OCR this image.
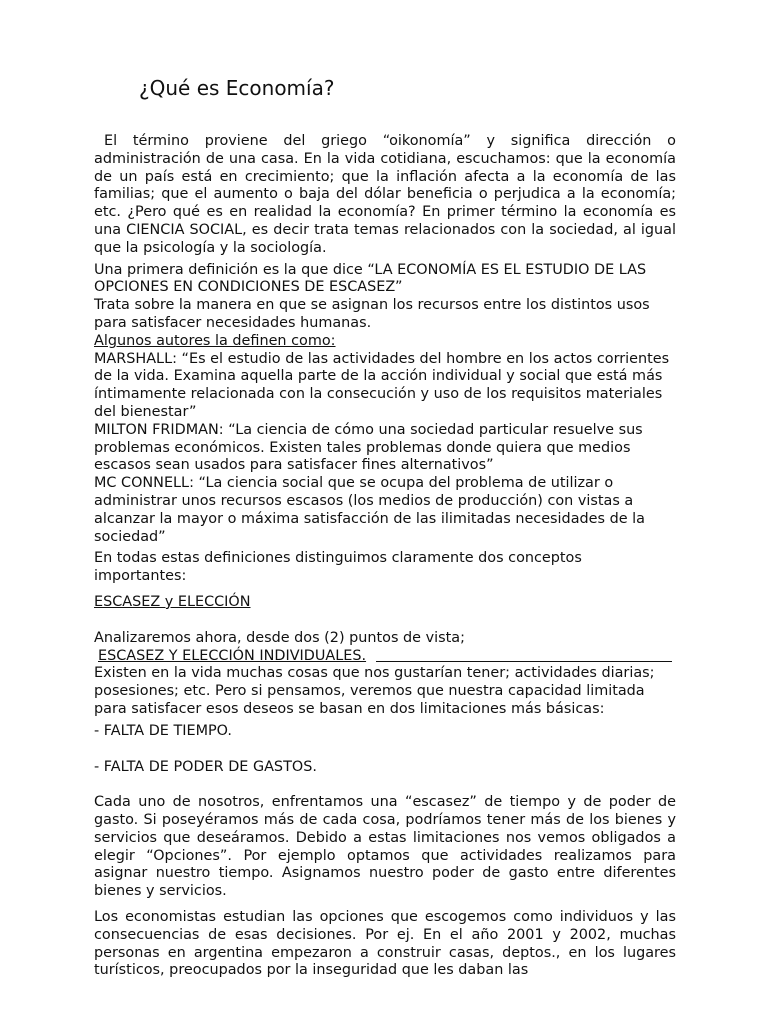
¿Qué es Economía?

El término proviene del griego “oikonomía” y significa dirección o administración de una casa. En la vida cotidiana, escuchamos: que la economía de un país está en crecimiento; que la inflación afecta a la economía de las familias; que el aumento o baja del dólar beneficia o perjudica a la economía; etc. ¿Pero qué es en realidad la economía? En primer término la economía es una CIENCIA SOCIAL, es decir trata temas relacionados con la sociedad, al igual que la psicología y la sociología.

Una primera definición es la que dice “LA ECONOMÍA ES EL ESTUDIO DE LAS OPCIONES EN CONDICIONES DE ESCASEZ”

Trata sobre la manera en que se asignan los recursos entre los distintos usos para satisfacer necesidades humanas.

Algunos autores la definen como:

MARSHALL: “Es el estudio de las actividades del hombre en los actos corrientes de la vida. Examina aquella parte de la acción individual y social que está más íntimamente relacionada con la consecución y uso de los requisitos materiales del bienestar”

MILTON FRIDMAN: “La ciencia de cómo una sociedad particular resuelve sus problemas económicos. Existen tales problemas donde quiera que medios escasos sean usados para satisfacer fines alternativos”

MC CONNELL: “La ciencia social que se ocupa del problema de utilizar o administrar unos recursos escasos (los medios de producción) con vistas a alcanzar la mayor o máxima satisfacción de las ilimitadas necesidades de la sociedad”

En todas estas definiciones distinguimos claramente dos conceptos importantes:

ESCASEZ y ELECCIÓN

Analizaremos ahora, desde dos (2) puntos de vista;

ESCASEZ Y ELECCIÓN INDIVIDUALES.

Existen en la vida muchas cosas que nos gustarían tener; actividades diarias; posesiones; etc. Pero si pensamos, veremos que nuestra capacidad limitada para satisfacer esos deseos se basan en dos limitaciones más básicas:

- FALTA DE TIEMPO.

- FALTA DE PODER DE GASTOS.

Cada uno de nosotros, enfrentamos una “escasez” de tiempo y de poder de gasto. Si poseyéramos más de cada cosa, podríamos tener más de los bienes y servicios que deseáramos. Debido a estas limitaciones nos vemos obligados a elegir “Opciones”. Por ejemplo optamos que actividades realizamos para asignar nuestro tiempo. Asignamos nuestro poder de gasto entre diferentes bienes y servicios.

Los economistas estudian las opciones que escogemos como individuos y las consecuencias de esas decisiones. Por ej. En el año 2001 y 2002, muchas personas en argentina empezaron a construir casas, deptos., en los lugares turísticos, preocupados por la inseguridad que les daban las
